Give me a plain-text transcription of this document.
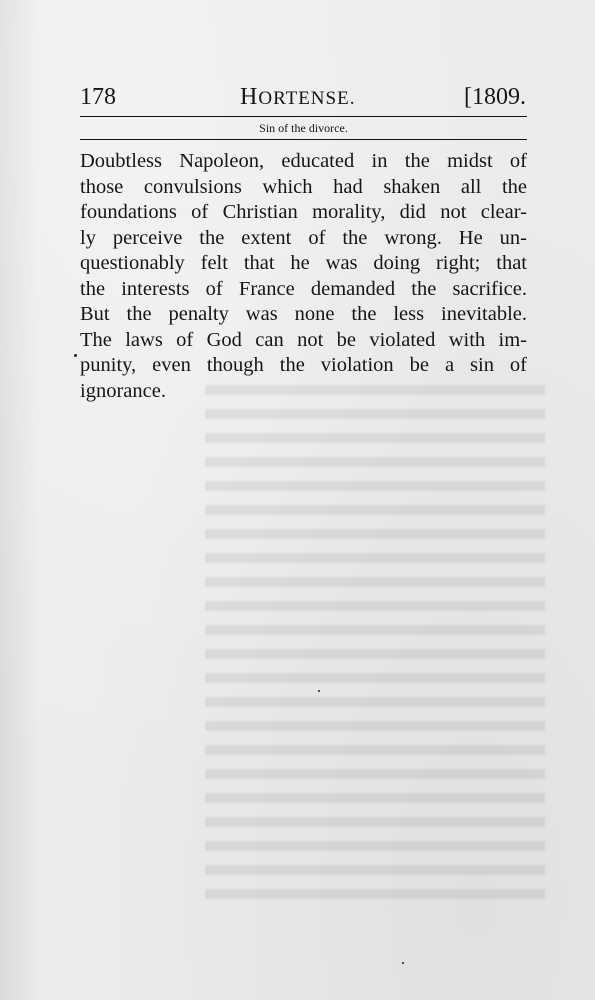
178	HORTENSE.	[1809.
Sin of the divorce.
Doubtless Napoleon, educated in the midst of
those convulsions which had shaken all the
foundations of Christian morality, did not clear-
ly perceive the extent of the wrong. He un-
questionably felt that he was doing right; that
the interests of France demanded the sacrifice.
But the penalty was none the less inevitable.
The laws of God can not be violated with im-
punity, even though the violation be a sin of
ignorance.
